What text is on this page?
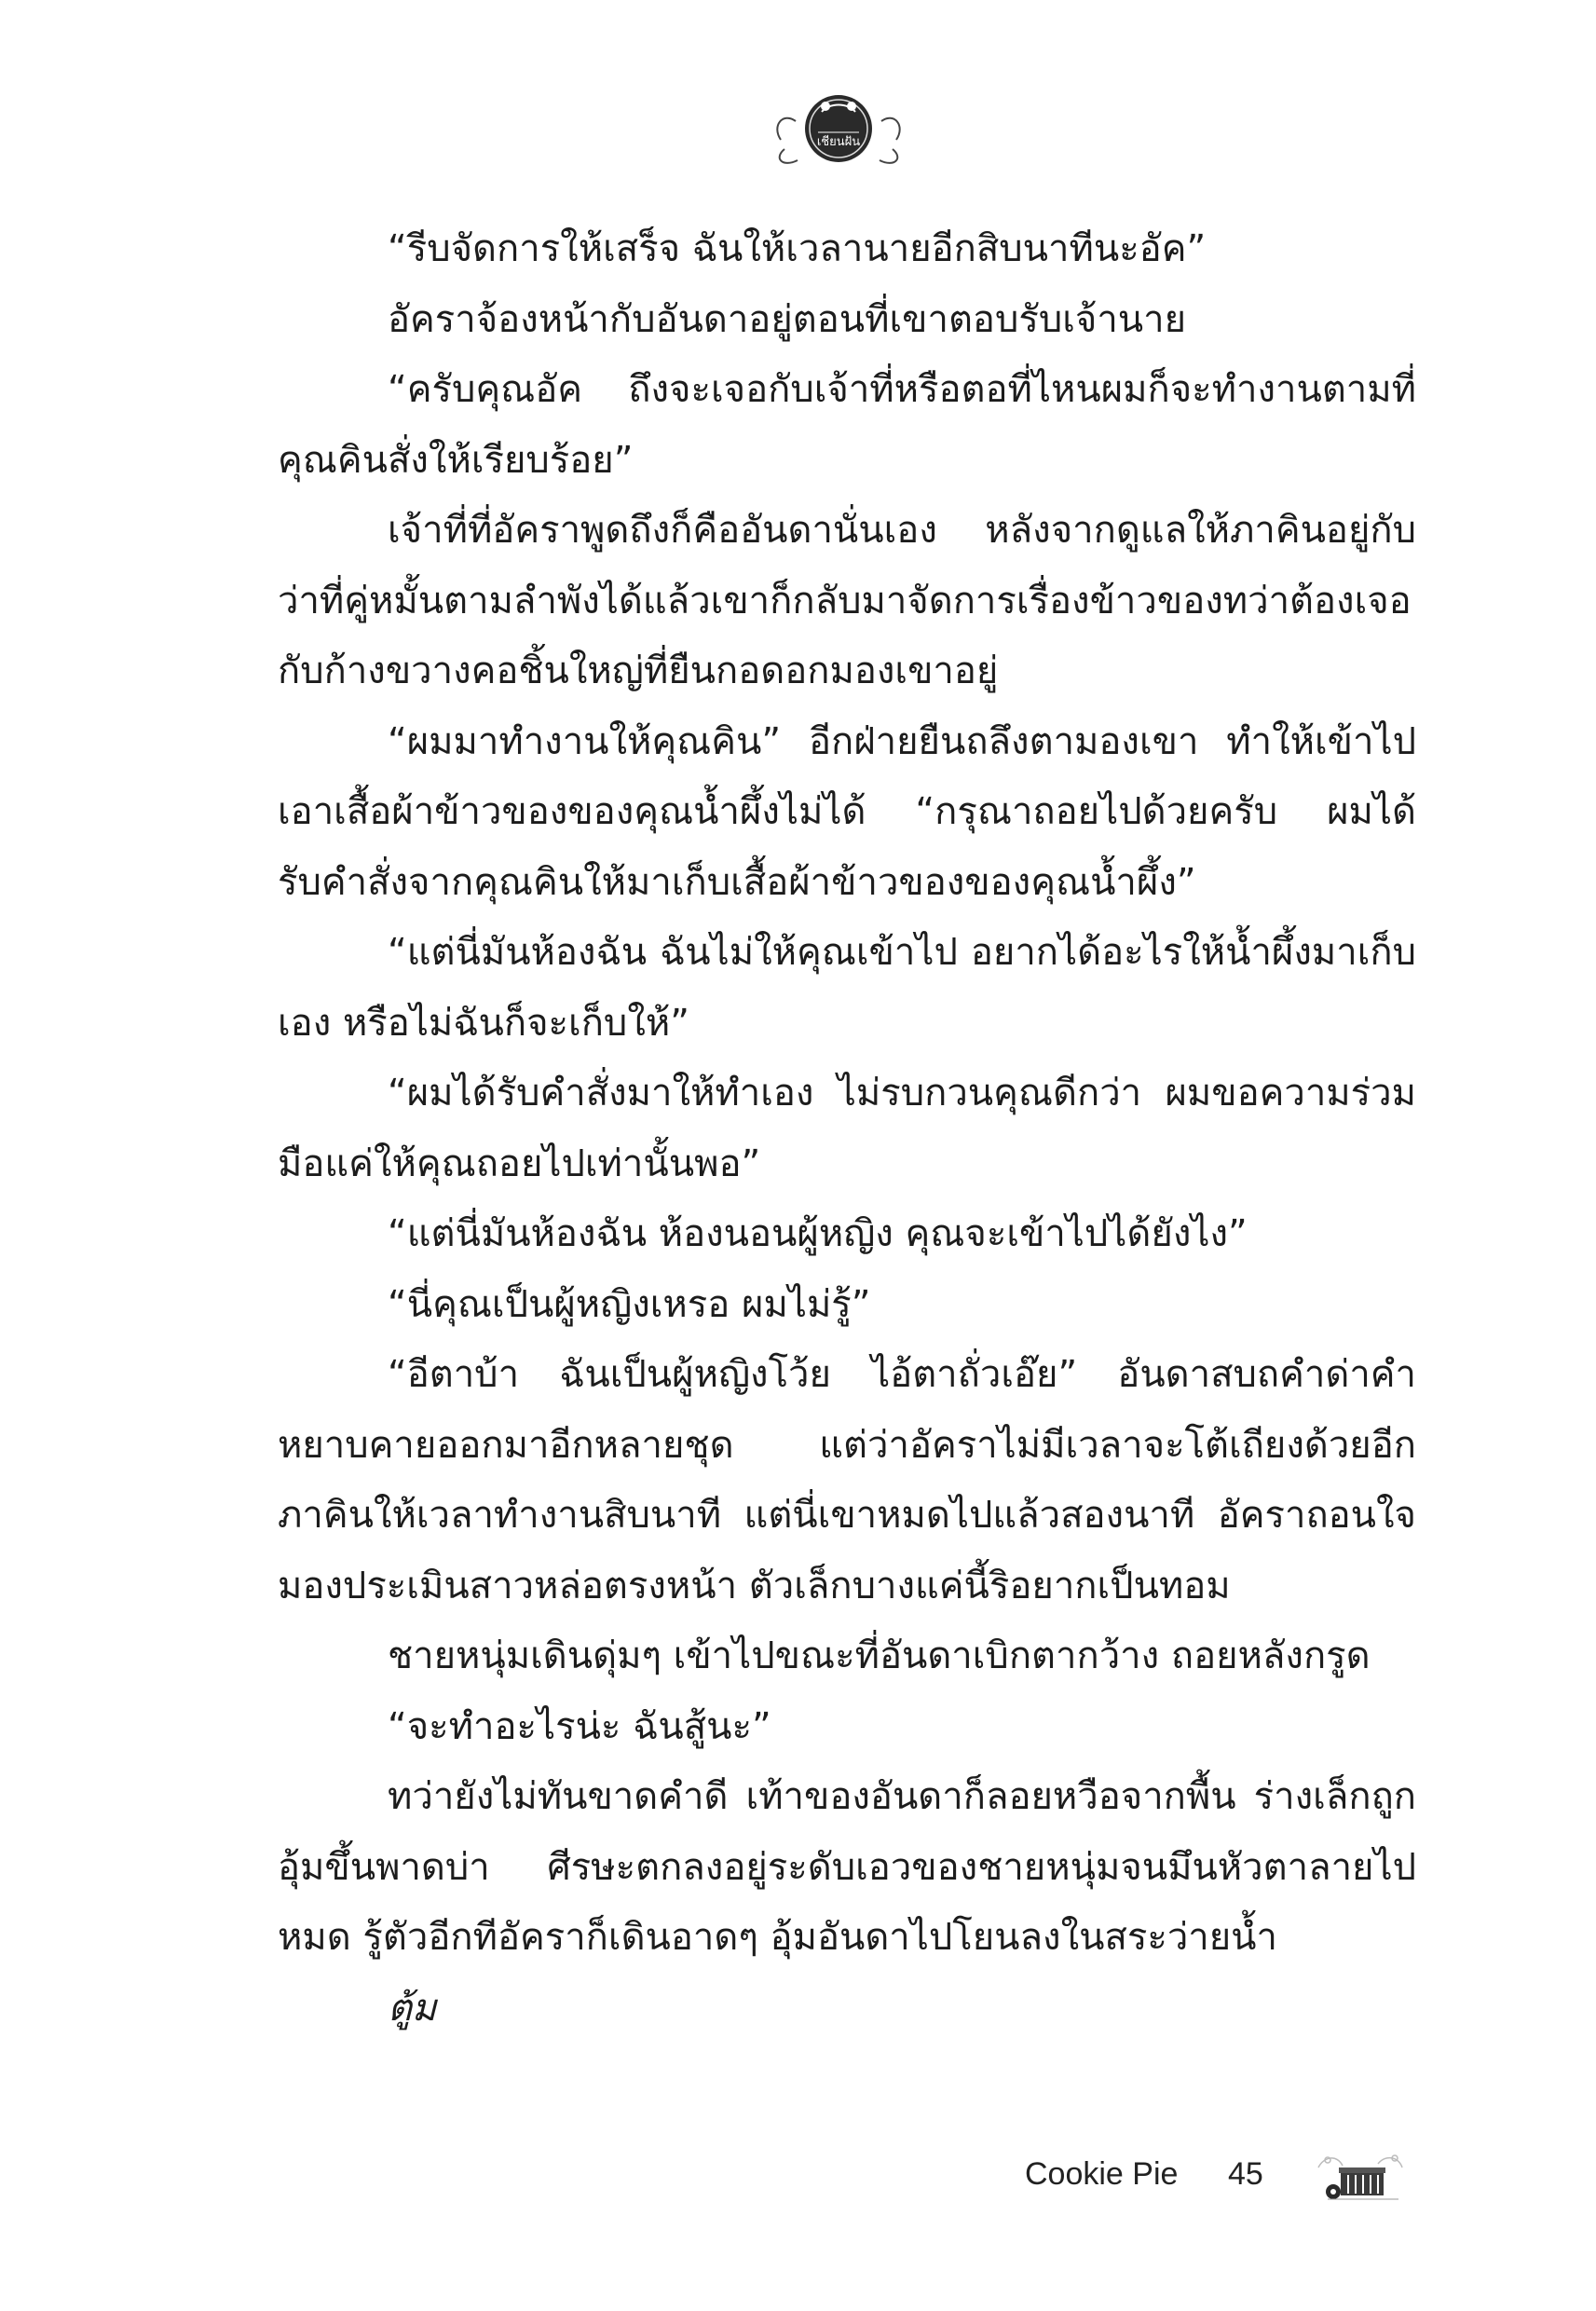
เชียนฝัน

“รีบจัดการให้เสร็จ ฉันให้เวลานายอีกสิบนาทีนะอัค”

อัคราจ้องหน้ากับอันดาอยู่ตอนที่เขาตอบรับเจ้านาย

“ครับคุณอัค ถึงจะเจอกับเจ้าที่หรือตอที่ไหนผมก็จะทำงานตามที่คุณคินสั่งให้เรียบร้อย”

เจ้าที่ที่อัคราพูดถึงก็คืออันดานั่นเอง หลังจากดูแลให้ภาคินอยู่กับว่าที่คู่หมั้นตามลำพังได้แล้วเขาก็กลับมาจัดการเรื่องข้าวของทว่าต้องเจอกับก้างขวางคอชิ้นใหญ่ที่ยืนกอดอกมองเขาอยู่

“ผมมาทำงานให้คุณคิน” อีกฝ่ายยืนถลึงตามองเขา ทำให้เข้าไปเอาเสื้อผ้าข้าวของของคุณน้ำผึ้งไม่ได้ “กรุณาถอยไปด้วยครับ ผมได้รับคำสั่งจากคุณคินให้มาเก็บเสื้อผ้าข้าวของของคุณน้ำผึ้ง”

“แต่นี่มันห้องฉัน ฉันไม่ให้คุณเข้าไป อยากได้อะไรให้น้ำผึ้งมาเก็บเอง หรือไม่ฉันก็จะเก็บให้”

“ผมได้รับคำสั่งมาให้ทำเอง ไม่รบกวนคุณดีกว่า ผมขอความร่วมมือแค่ให้คุณถอยไปเท่านั้นพอ”

“แต่นี่มันห้องฉัน ห้องนอนผู้หญิง คุณจะเข้าไปได้ยังไง”

“นี่คุณเป็นผู้หญิงเหรอ ผมไม่รู้”

“อีตาบ้า ฉันเป็นผู้หญิงโว้ย ไอ้ตาถั่วเอ๊ย” อันดาสบถคำด่าคำหยาบคายออกมาอีกหลายชุด แต่ว่าอัคราไม่มีเวลาจะโต้เถียงด้วยอีก ภาคินให้เวลาทำงานสิบนาที แต่นี่เขาหมดไปแล้วสองนาที อัคราถอนใจมองประเมินสาวหล่อตรงหน้า ตัวเล็กบางแค่นี้ริอยากเป็นทอม

ชายหนุ่มเดินดุ่มๆ เข้าไปขณะที่อันดาเบิกตากว้าง ถอยหลังกรูด

“จะทำอะไรน่ะ ฉันสู้นะ”

ทว่ายังไม่ทันขาดคำดี เท้าของอันดาก็ลอยหวือจากพื้น ร่างเล็กถูกอุ้มขึ้นพาดบ่า ศีรษะตกลงอยู่ระดับเอวของชายหนุ่มจนมึนหัวตาลายไปหมด รู้ตัวอีกทีอัคราก็เดินอาดๆ อุ้มอันดาไปโยนลงในสระว่ายน้ำ

ตู้ม

Cookie Pie 45
